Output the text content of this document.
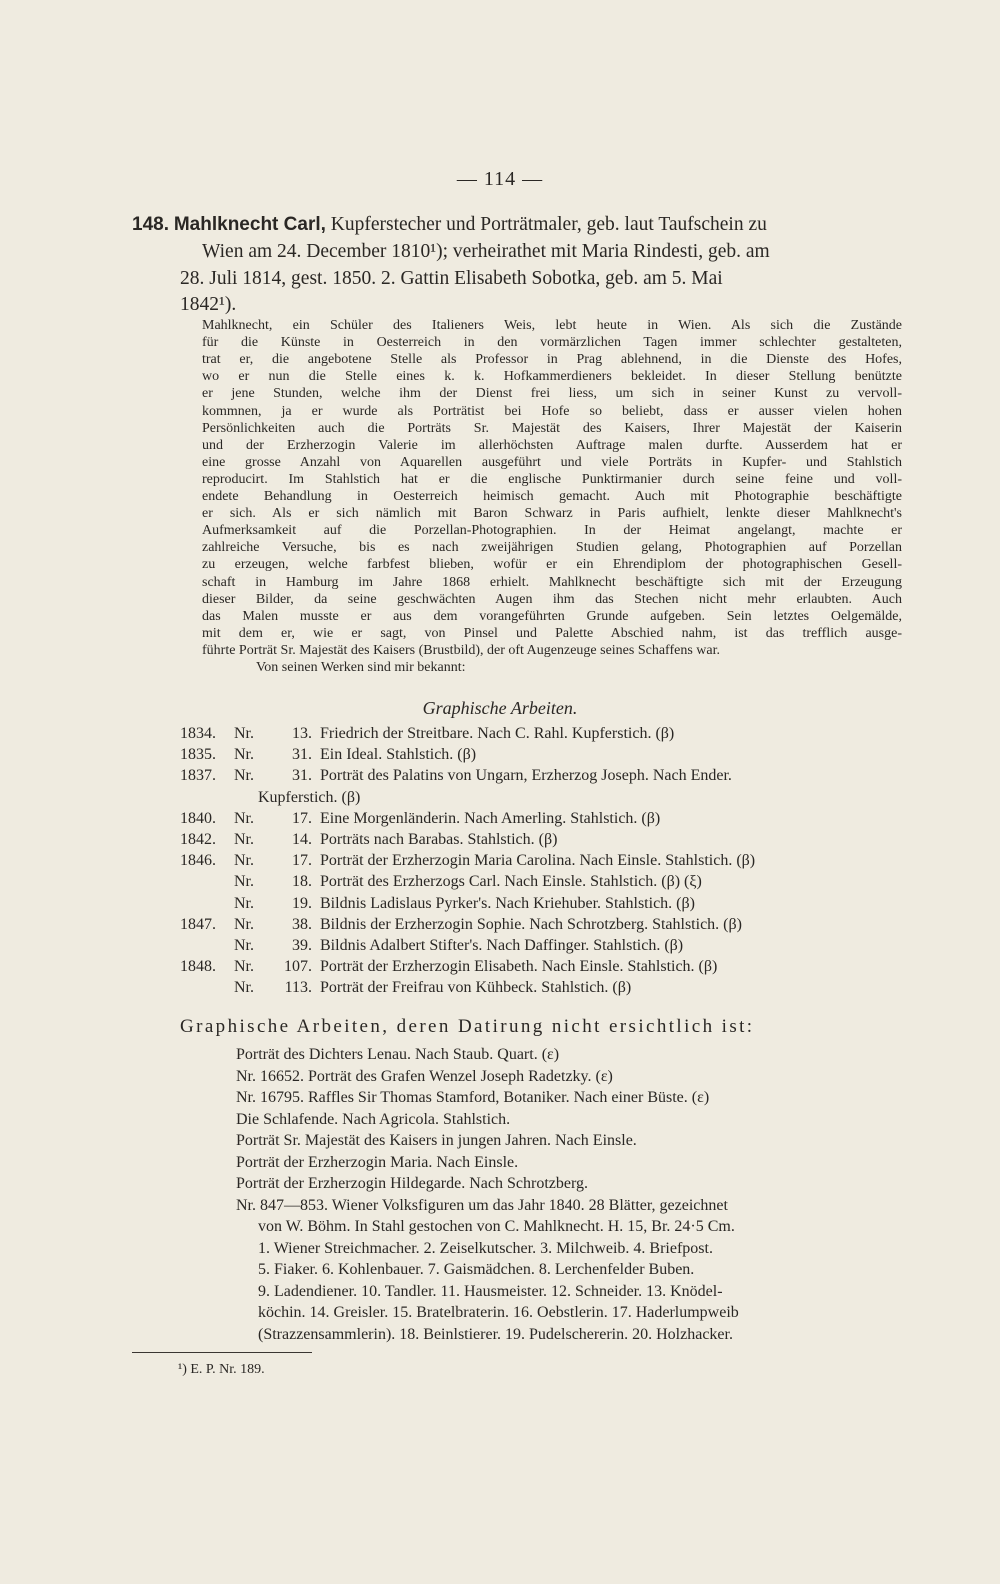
— 114 —
148. Mahlknecht Carl, Kupferstecher und Porträtmaler, geb. laut Taufschein zu
Wien am 24. December 1810¹); verheirathet mit Maria Rindesti, geb. am
28. Juli 1814, gest. 1850. 2. Gattin Elisabeth Sobotka, geb. am 5. Mai
1842¹).
Mahlknecht, ein Schüler des Italieners Weis, lebt heute in Wien. Als sich die Zustände
für die Künste in Oesterreich in den vormärzlichen Tagen immer schlechter gestalteten,
trat er, die angebotene Stelle als Professor in Prag ablehnend, in die Dienste des Hofes,
wo er nun die Stelle eines k. k. Hofkammerdieners bekleidet. In dieser Stellung benützte
er jene Stunden, welche ihm der Dienst frei liess, um sich in seiner Kunst zu vervoll-
kommnen, ja er wurde als Porträtist bei Hofe so beliebt, dass er ausser vielen hohen
Persönlichkeiten auch die Porträts Sr. Majestät des Kaisers, Ihrer Majestät der Kaiserin
und der Erzherzogin Valerie im allerhöchsten Auftrage malen durfte. Ausserdem hat er
eine grosse Anzahl von Aquarellen ausgeführt und viele Porträts in Kupfer- und Stahlstich
reproducirt. Im Stahlstich hat er die englische Punktirmanier durch seine feine und voll-
endete Behandlung in Oesterreich heimisch gemacht. Auch mit Photographie beschäftigte
er sich. Als er sich nämlich mit Baron Schwarz in Paris aufhielt, lenkte dieser Mahlknecht's
Aufmerksamkeit auf die Porzellan-Photographien. In der Heimat angelangt, machte er
zahlreiche Versuche, bis es nach zweijährigen Studien gelang, Photographien auf Porzellan
zu erzeugen, welche farbfest blieben, wofür er ein Ehrendiplom der photographischen Gesell-
schaft in Hamburg im Jahre 1868 erhielt. Mahlknecht beschäftigte sich mit der Erzeugung
dieser Bilder, da seine geschwächten Augen ihm das Stechen nicht mehr erlaubten. Auch
das Malen musste er aus dem vorangeführten Grunde aufgeben. Sein letztes Oelgemälde,
mit dem er, wie er sagt, von Pinsel und Palette Abschied nahm, ist das trefflich ausge-
führte Porträt Sr. Majestät des Kaisers (Brustbild), der oft Augenzeuge seines Schaffens war.
Von seinen Werken sind mir bekannt:
Graphische Arbeiten.
1834.	Nr.	13. Friedrich der Streitbare. Nach C. Rahl. Kupferstich. (β)
1835.	Nr.	31. Ein Ideal. Stahlstich. (β)
1837.	Nr.	31. Porträt des Palatins von Ungarn, Erzherzog Joseph. Nach Ender.
Kupferstich. (β)
1840.	Nr.	17. Eine Morgenländerin. Nach Amerling. Stahlstich. (β)
1842.	Nr.	14. Porträts nach Barabas. Stahlstich. (β)
1846.	Nr.	17. Porträt der Erzherzogin Maria Carolina. Nach Einsle. Stahlstich. (β)
Nr.	18. Porträt des Erzherzogs Carl. Nach Einsle. Stahlstich. (β) (ξ)
Nr.	19. Bildnis Ladislaus Pyrker's. Nach Kriehuber. Stahlstich. (β)
1847.	Nr.	38. Bildnis der Erzherzogin Sophie. Nach Schrotzberg. Stahlstich. (β)
Nr.	39. Bildnis Adalbert Stifter's. Nach Daffinger. Stahlstich. (β)
1848.	Nr.	107. Porträt der Erzherzogin Elisabeth. Nach Einsle. Stahlstich. (β)
Nr.	113. Porträt der Freifrau von Kühbeck. Stahlstich. (β)
Graphische Arbeiten, deren Datirung nicht ersichtlich ist:
Porträt des Dichters Lenau. Nach Staub. Quart. (ε)
Nr. 16652. Porträt des Grafen Wenzel Joseph Radetzky. (ε)
Nr. 16795. Raffles Sir Thomas Stamford, Botaniker. Nach einer Büste. (ε)
Die Schlafende. Nach Agricola. Stahlstich.
Porträt Sr. Majestät des Kaisers in jungen Jahren. Nach Einsle.
Porträt der Erzherzogin Maria. Nach Einsle.
Porträt der Erzherzogin Hildegarde. Nach Schrotzberg.
Nr. 847—853. Wiener Volksfiguren um das Jahr 1840. 28 Blätter, gezeichnet
von W. Böhm. In Stahl gestochen von C. Mahlknecht. H. 15, Br. 24·5 Cm.
1. Wiener Streichmacher. 2. Zeiselkutscher. 3. Milchweib. 4. Briefpost.
5. Fiaker. 6. Kohlenbauer. 7. Gaismädchen. 8. Lerchenfelder Buben.
9. Ladendiener. 10. Tandler. 11. Hausmeister. 12. Schneider. 13. Knödel-
köchin. 14. Greisler. 15. Bratelbraterin. 16. Oebstlerin. 17. Haderlumpweib
(Strazzensammlerin). 18. Beinlstierer. 19. Pudelschererin. 20. Holzhacker.
¹) E. P. Nr. 189.
